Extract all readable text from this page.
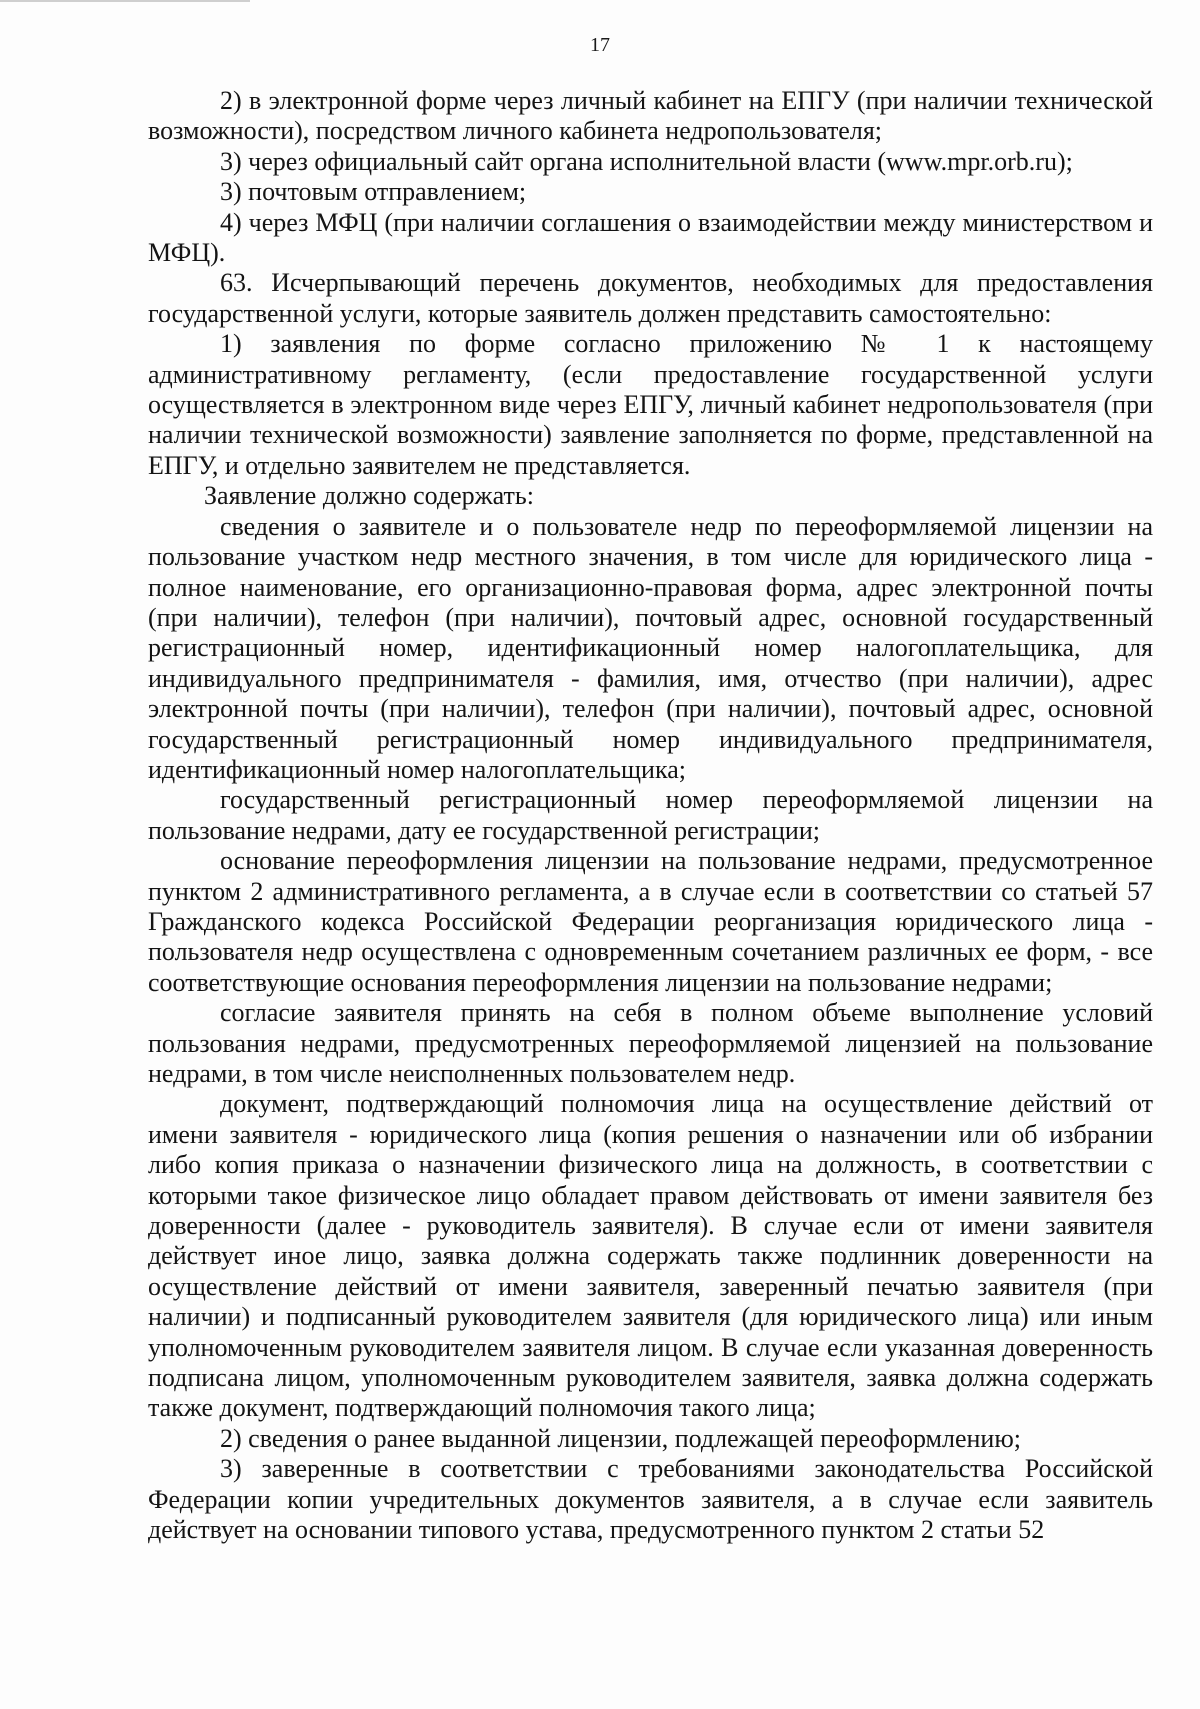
17

2) в электронной форме через личный кабинет на ЕПГУ (при наличии технической возможности), посредством личного кабинета недропользователя;

3) через официальный сайт органа исполнительной власти (www.mpr.orb.ru);

3) почтовым отправлением;

4) через МФЦ (при наличии соглашения о взаимодействии между министерством и МФЦ).

63. Исчерпывающий перечень документов, необходимых для предоставления государственной услуги, которые заявитель должен представить самостоятельно:

1) заявления по форме согласно приложению № 1 к настоящему административному регламенту, (если предоставление государственной услуги осуществляется в электронном виде через ЕПГУ, личный кабинет недропользователя (при наличии технической возможности) заявление заполняется по форме, представленной на ЕПГУ, и отдельно заявителем не представляется.

Заявление должно содержать:

сведения о заявителе и о пользователе недр по переоформляемой лицензии на пользование участком недр местного значения, в том числе для юридического лица - полное наименование, его организационно-правовая форма, адрес электронной почты (при наличии), телефон (при наличии), почтовый адрес, основной государственный регистрационный номер, идентификационный номер налогоплательщика, для индивидуального предпринимателя - фамилия, имя, отчество (при наличии), адрес электронной почты (при наличии), телефон (при наличии), почтовый адрес, основной государственный регистрационный номер индивидуального предпринимателя, идентификационный номер налогоплательщика;

государственный регистрационный номер переоформляемой лицензии на пользование недрами, дату ее государственной регистрации;

основание переоформления лицензии на пользование недрами, предусмотренное пунктом 2 административного регламента, а в случае если в соответствии со статьей 57 Гражданского кодекса Российской Федерации реорганизация юридического лица - пользователя недр осуществлена с одновременным сочетанием различных ее форм, - все соответствующие основания переоформления лицензии на пользование недрами;

согласие заявителя принять на себя в полном объеме выполнение условий пользования недрами, предусмотренных переоформляемой лицензией на пользование недрами, в том числе неисполненных пользователем недр.

документ, подтверждающий полномочия лица на осуществление действий от имени заявителя - юридического лица (копия решения о назначении или об избрании либо копия приказа о назначении физического лица на должность, в соответствии с которыми такое физическое лицо обладает правом действовать от имени заявителя без доверенности (далее - руководитель заявителя). В случае если от имени заявителя действует иное лицо, заявка должна содержать также подлинник доверенности на осуществление действий от имени заявителя, заверенный печатью заявителя (при наличии) и подписанный руководителем заявителя (для юридического лица) или иным уполномоченным руководителем заявителя лицом. В случае если указанная доверенность подписана лицом, уполномоченным руководителем заявителя, заявка должна содержать также документ, подтверждающий полномочия такого лица;

2) сведения о ранее выданной лицензии, подлежащей переоформлению;

3) заверенные в соответствии с требованиями законодательства Российской Федерации копии учредительных документов заявителя, а в случае если заявитель действует на основании типового устава, предусмотренного пунктом 2 статьи 52
